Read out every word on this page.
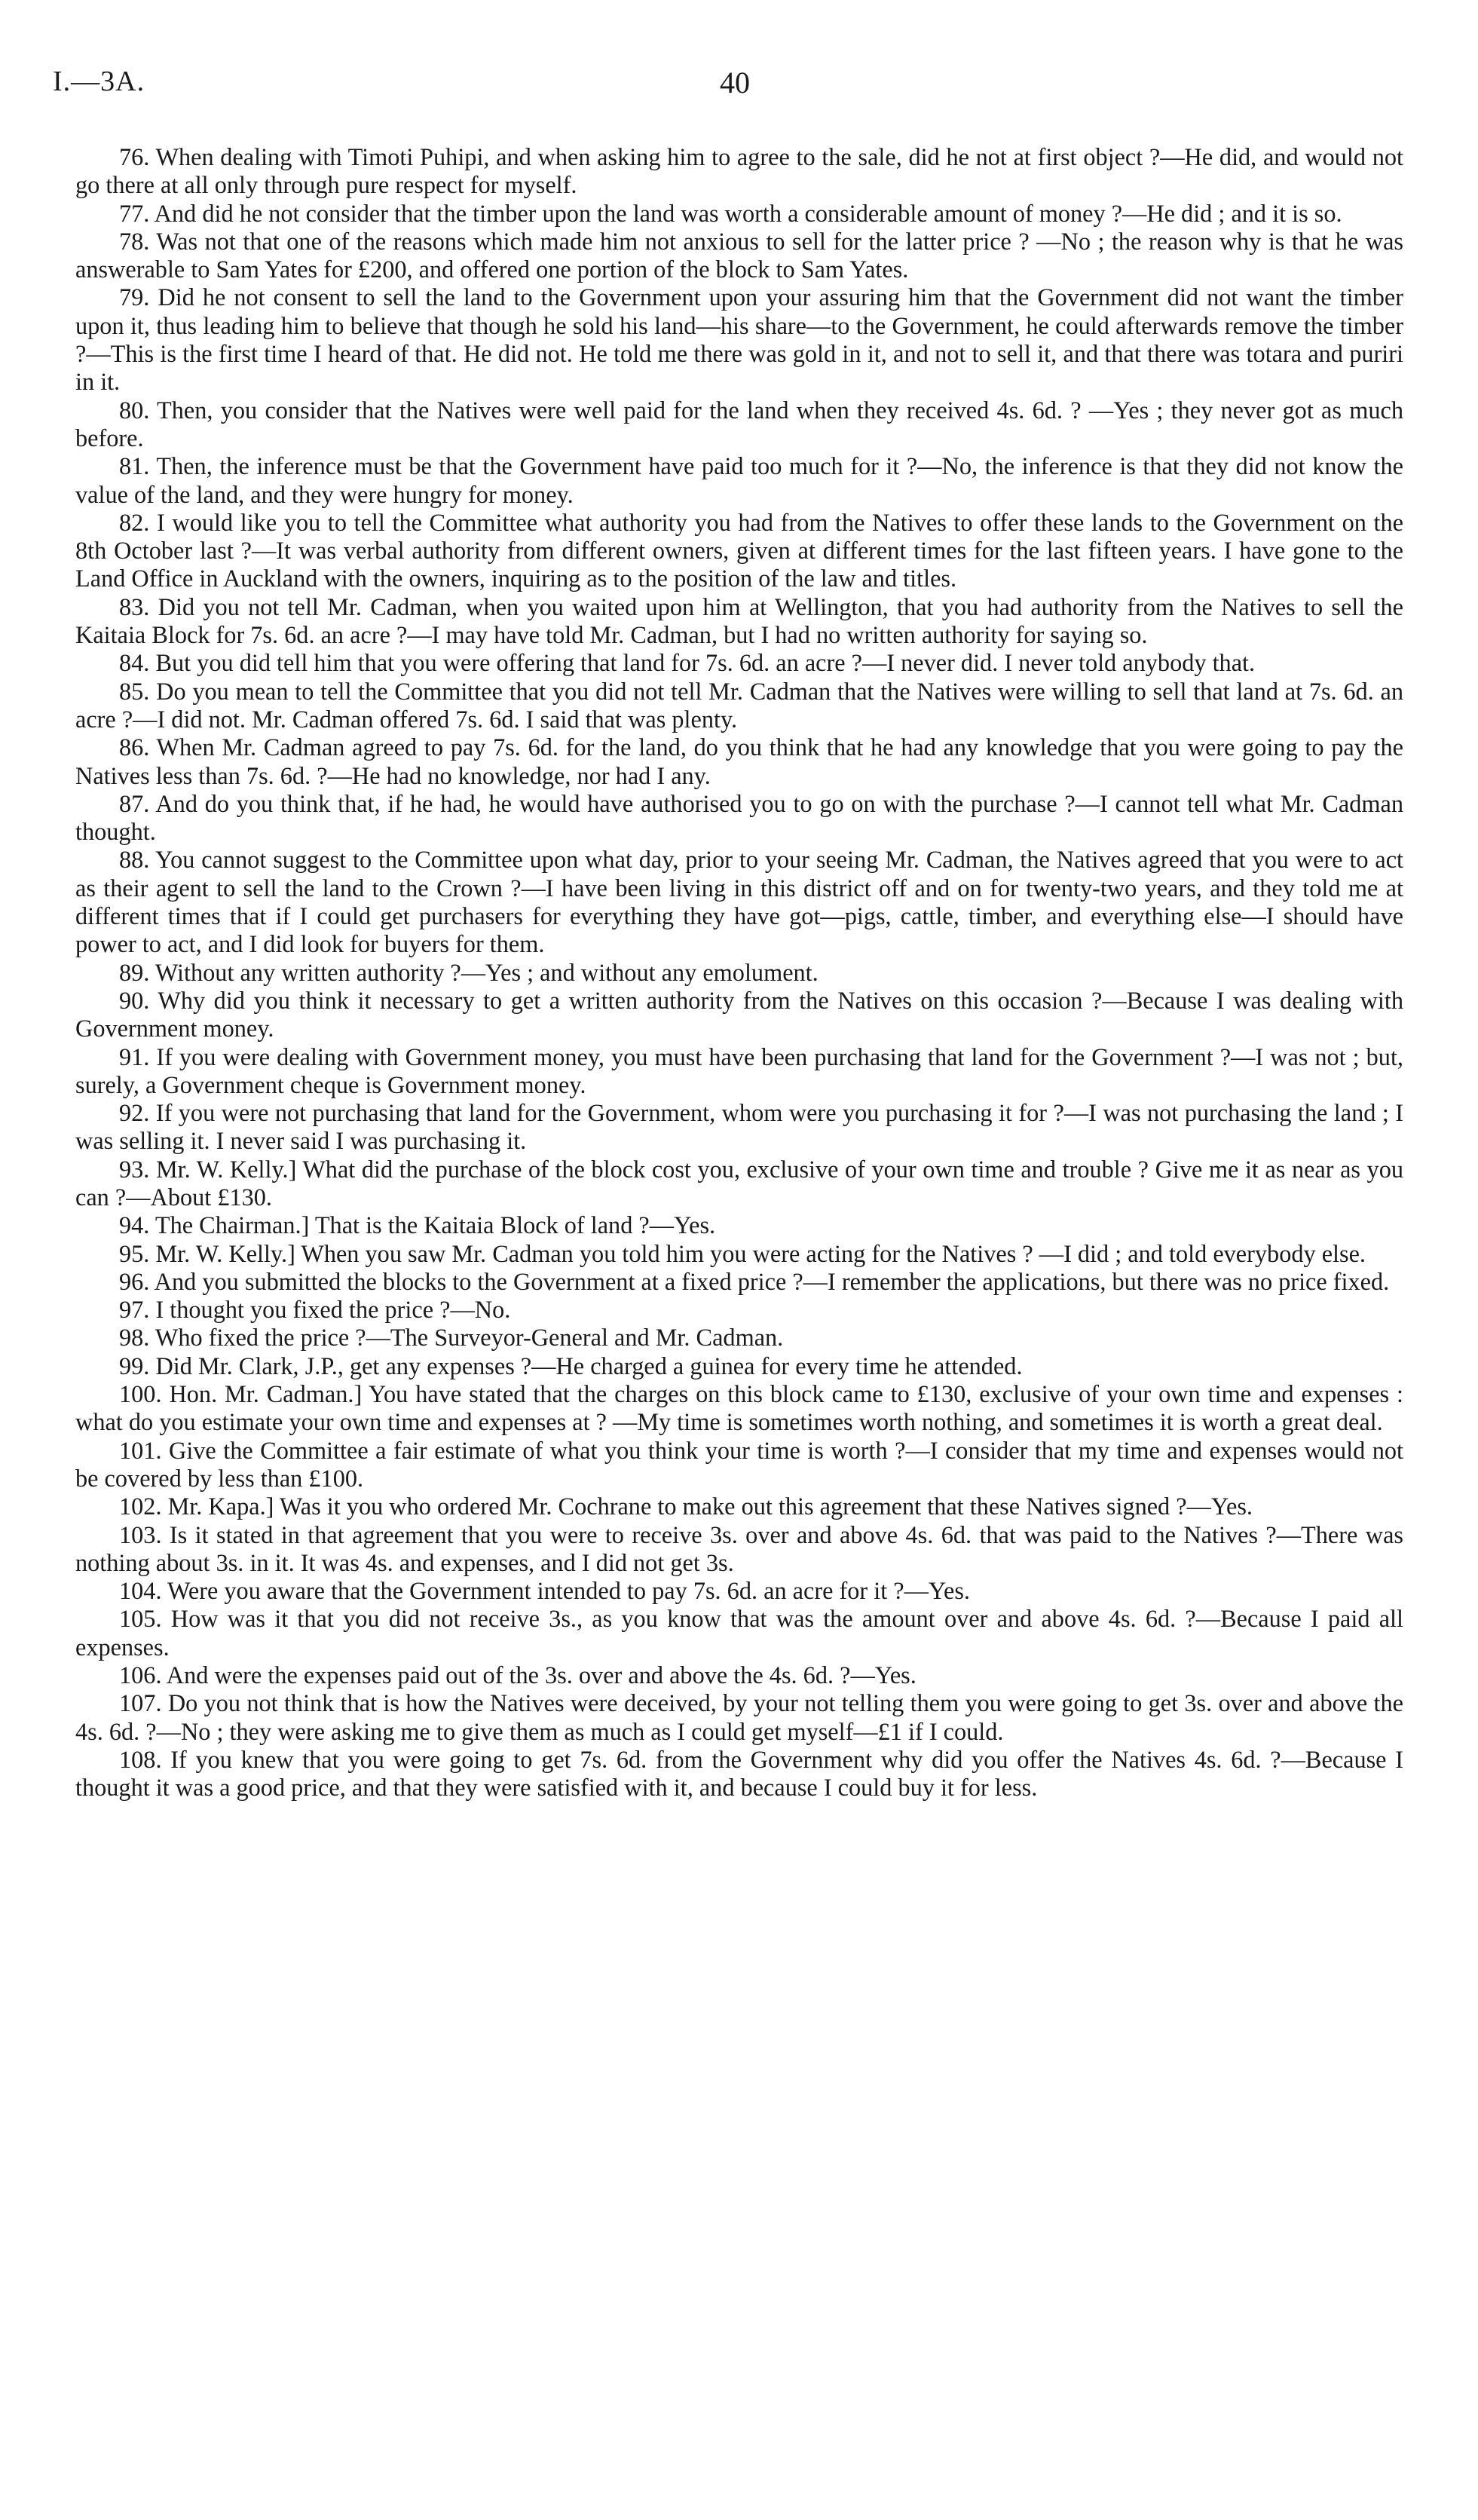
I.—3A.	40

76. When dealing with Timoti Puhipi, and when asking him to agree to the sale, did he not at first object ?—He did, and would not go there at all only through pure respect for myself.

77. And did he not consider that the timber upon the land was worth a considerable amount of money ?—He did ; and it is so.

78. Was not that one of the reasons which made him not anxious to sell for the latter price ? —No ; the reason why is that he was answerable to Sam Yates for £200, and offered one portion of the block to Sam Yates.

79. Did he not consent to sell the land to the Government upon your assuring him that the Government did not want the timber upon it, thus leading him to believe that though he sold his land—his share—to the Government, he could afterwards remove the timber ?—This is the first time I heard of that. He did not. He told me there was gold in it, and not to sell it, and that there was totara and puriri in it.

80. Then, you consider that the Natives were well paid for the land when they received 4s. 6d. ? —Yes ; they never got as much before.

81. Then, the inference must be that the Government have paid too much for it ?—No, the inference is that they did not know the value of the land, and they were hungry for money.

82. I would like you to tell the Committee what authority you had from the Natives to offer these lands to the Government on the 8th October last ?—It was verbal authority from different owners, given at different times for the last fifteen years. I have gone to the Land Office in Auckland with the owners, inquiring as to the position of the law and titles.

83. Did you not tell Mr. Cadman, when you waited upon him at Wellington, that you had authority from the Natives to sell the Kaitaia Block for 7s. 6d. an acre ?—I may have told Mr. Cadman, but I had no written authority for saying so.

84. But you did tell him that you were offering that land for 7s. 6d. an acre ?—I never did. I never told anybody that.

85. Do you mean to tell the Committee that you did not tell Mr. Cadman that the Natives were willing to sell that land at 7s. 6d. an acre ?—I did not. Mr. Cadman offered 7s. 6d. I said that was plenty.

86. When Mr. Cadman agreed to pay 7s. 6d. for the land, do you think that he had any knowledge that you were going to pay the Natives less than 7s. 6d. ?—He had no knowledge, nor had I any.

87. And do you think that, if he had, he would have authorised you to go on with the purchase ?—I cannot tell what Mr. Cadman thought.

88. You cannot suggest to the Committee upon what day, prior to your seeing Mr. Cadman, the Natives agreed that you were to act as their agent to sell the land to the Crown ?—I have been living in this district off and on for twenty-two years, and they told me at different times that if I could get purchasers for everything they have got—pigs, cattle, timber, and everything else—I should have power to act, and I did look for buyers for them.

89. Without any written authority ?—Yes ; and without any emolument.

90. Why did you think it necessary to get a written authority from the Natives on this occasion ?—Because I was dealing with Government money.

91. If you were dealing with Government money, you must have been purchasing that land for the Government ?—I was not ; but, surely, a Government cheque is Government money.

92. If you were not purchasing that land for the Government, whom were you purchasing it for ?—I was not purchasing the land ; I was selling it. I never said I was purchasing it.

93. Mr. W. Kelly.] What did the purchase of the block cost you, exclusive of your own time and trouble ? Give me it as near as you can ?—About £130.

94. The Chairman.] That is the Kaitaia Block of land ?—Yes.

95. Mr. W. Kelly.] When you saw Mr. Cadman you told him you were acting for the Natives ? —I did ; and told everybody else.

96. And you submitted the blocks to the Government at a fixed price ?—I remember the applications, but there was no price fixed.

97. I thought you fixed the price ?—No.

98. Who fixed the price ?—The Surveyor-General and Mr. Cadman.

99. Did Mr. Clark, J.P., get any expenses ?—He charged a guinea for every time he attended.

100. Hon. Mr. Cadman.] You have stated that the charges on this block came to £130, exclusive of your own time and expenses : what do you estimate your own time and expenses at ? —My time is sometimes worth nothing, and sometimes it is worth a great deal.

101. Give the Committee a fair estimate of what you think your time is worth ?—I consider that my time and expenses would not be covered by less than £100.

102. Mr. Kapa.] Was it you who ordered Mr. Cochrane to make out this agreement that these Natives signed ?—Yes.

103. Is it stated in that agreement that you were to receive 3s. over and above 4s. 6d. that was paid to the Natives ?—There was nothing about 3s. in it. It was 4s. and expenses, and I did not get 3s.

104. Were you aware that the Government intended to pay 7s. 6d. an acre for it ?—Yes.

105. How was it that you did not receive 3s., as you know that was the amount over and above 4s. 6d. ?—Because I paid all expenses.

106. And were the expenses paid out of the 3s. over and above the 4s. 6d. ?—Yes.

107. Do you not think that is how the Natives were deceived, by your not telling them you were going to get 3s. over and above the 4s. 6d. ?—No ; they were asking me to give them as much as I could get myself—£1 if I could.

108. If you knew that you were going to get 7s. 6d. from the Government why did you offer the Natives 4s. 6d. ?—Because I thought it was a good price, and that they were satisfied with it, and because I could buy it for less.
